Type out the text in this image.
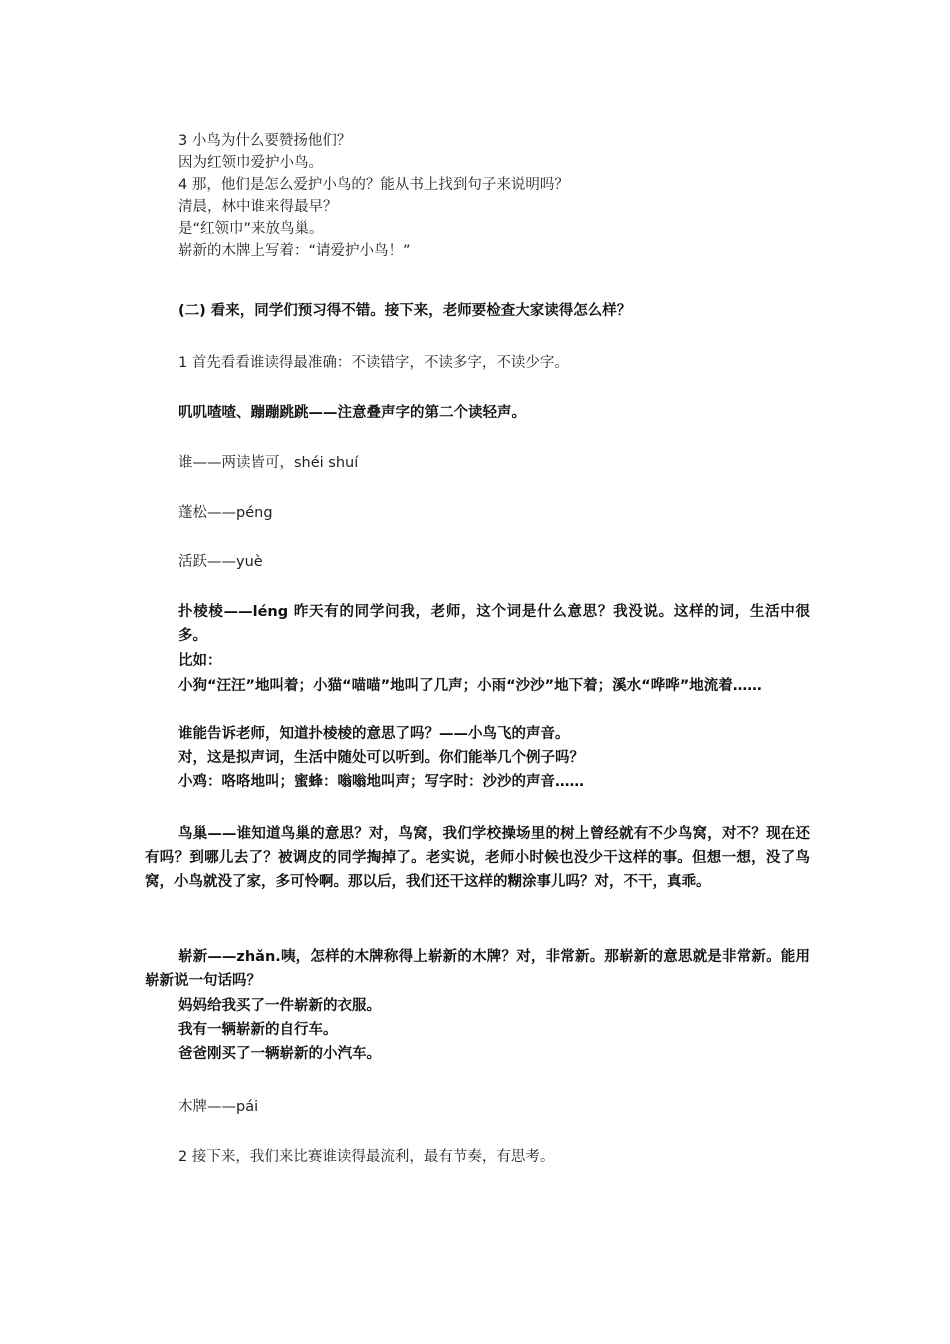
3 小鸟为什么要赞扬他们？
因为红领巾爱护小鸟。
4 那，他们是怎么爱护小鸟的？能从书上找到句子来说明吗？
清晨，林中谁来得最早？
是“红领巾”来放鸟巢。
崭新的木牌上写着：“请爱护小鸟！”
(二) 看来，同学们预习得不错。接下来，老师要检查大家读得怎么样？
1 首先看看谁读得最准确：不读错字，不读多字，不读少字。
叽叽喳喳、蹦蹦跳跳——注意叠声字的第二个读轻声。
谁——两读皆可，shéi shuí
蓬松——péng
活跃——yuè
扑棱棱——léng 昨天有的同学问我，老师，这个词是什么意思？我没说。这样的词，生活中很多。
比如：
小狗“汪汪”地叫着；小猫“喵喵”地叫了几声；小雨“沙沙”地下着；溪水“哗哗”地流着……
谁能告诉老师，知道扑棱棱的意思了吗？——小鸟飞的声音。
对，这是拟声词，生活中随处可以听到。你们能举几个例子吗？
小鸡：咯咯地叫；蜜蜂：嗡嗡地叫声；写字时：沙沙的声音……
鸟巢——谁知道鸟巢的意思？对，鸟窝，我们学校操场里的树上曾经就有不少鸟窝，对不？现在还有吗？到哪儿去了？被调皮的同学掏掉了。老实说，老师小时候也没少干这样的事。但想一想，没了鸟窝，小鸟就没了家，多可怜啊。那以后，我们还干这样的糊涂事儿吗？对，不干，真乖。
崭新——zhǎn.咦，怎样的木牌称得上崭新的木牌？对，非常新。那崭新的意思就是非常新。能用崭新说一句话吗？
妈妈给我买了一件崭新的衣服。
我有一辆崭新的自行车。
爸爸刚买了一辆崭新的小汽车。
木牌——pái
2 接下来，我们来比赛谁读得最流利，最有节奏，有思考。
